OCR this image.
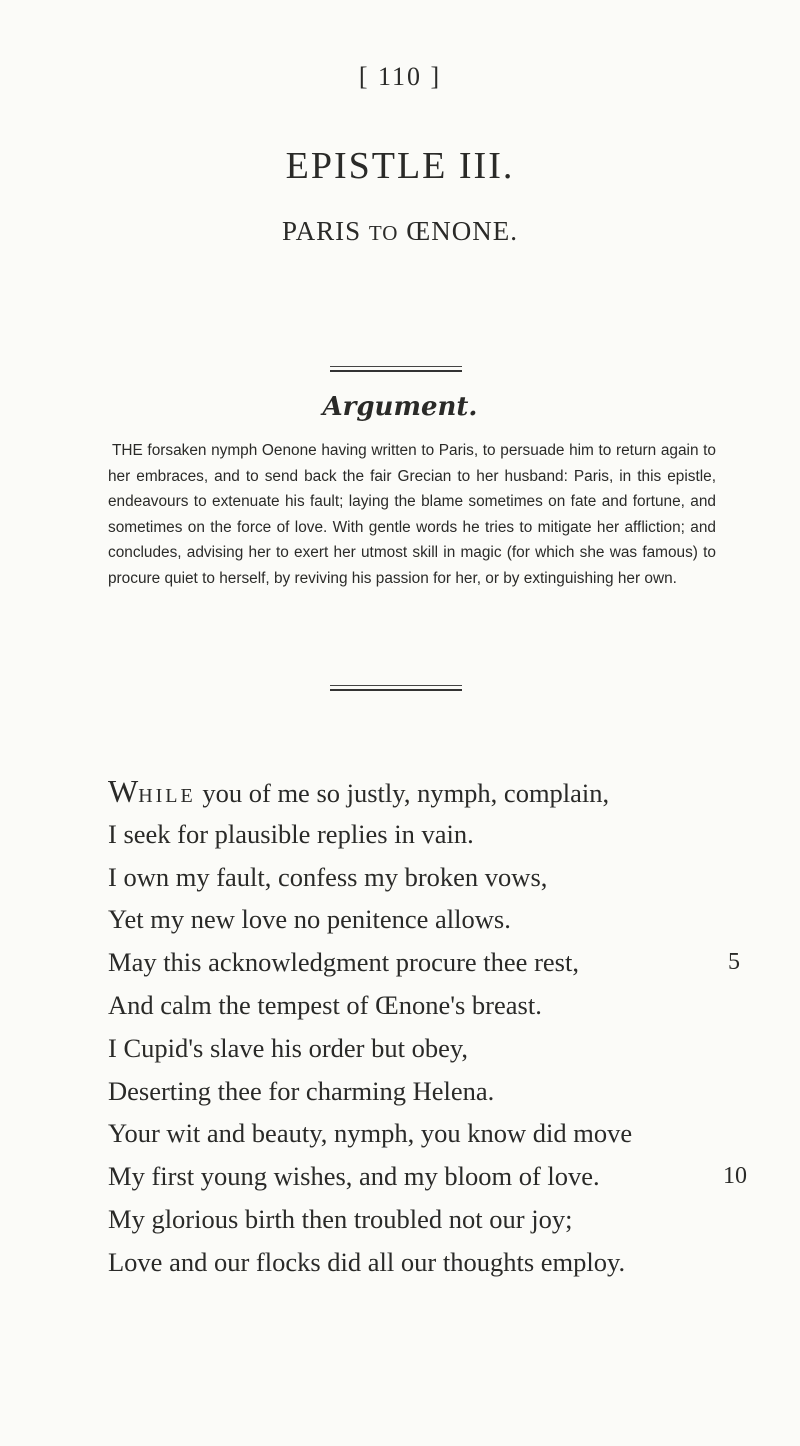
[ 110 ]
EPISTLE III.
PARIS TO ŒNONE.
Argument.
THE forsaken nymph Oenone having written to Paris, to persuade him to return again to her embraces, and to send back the fair Grecian to her husband: Paris, in this epistle, endeavours to extenuate his fault; laying the blame sometimes on fate and fortune, and sometimes on the force of love. With gentle words he tries to mitigate her affliction; and concludes, advising her to exert her utmost skill in magic (for which she was famous) to procure quiet to herself, by reviving his passion for her, or by extinguishing her own.
WHILE you of me so justly, nymph, complain,
I seek for plausible replies in vain.
I own my fault, confess my broken vows,
Yet my new love no penitence allows.
May this acknowledgment procure thee rest,	5
And calm the tempest of Œnone's breast.
I Cupid's slave his order but obey,
Deserting thee for charming Helena.
Your wit and beauty, nymph, you know did move
My first young wishes, and my bloom of love.	10
My glorious birth then troubled not our joy;
Love and our flocks did all our thoughts employ.
